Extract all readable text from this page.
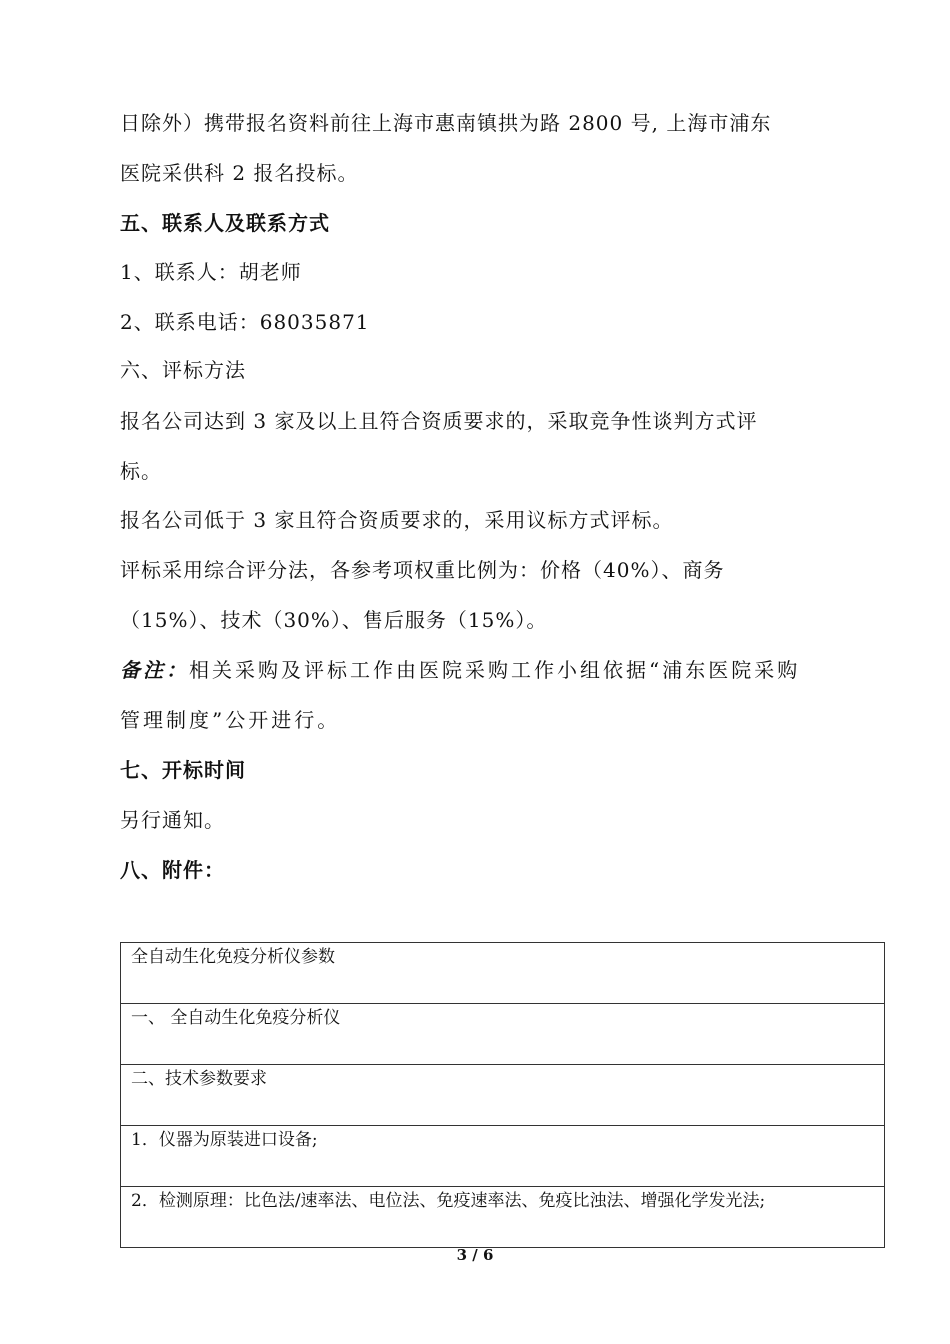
日除外）携带报名资料前往上海市惠南镇拱为路 2800 号, 上海市浦东
医院采供科 2 报名投标。
五、联系人及联系方式
1、联系人：胡老师
2、联系电话：68035871
六、评标方法
报名公司达到 3 家及以上且符合资质要求的，采取竞争性谈判方式评
标。
报名公司低于 3 家且符合资质要求的，采用议标方式评标。
评标采用综合评分法，各参考项权重比例为：价格（40%）、商务
（15%）、技术（30%）、售后服务（15%）。
备注：相关采购及评标工作由医院采购工作小组依据“浦东医院采购
管理制度”公开进行。
七、开标时间
另行通知。
八、附件：
全自动生化免疫分析仪参数
一、 全自动生化免疫分析仪
二、技术参数要求
1．仪器为原装进口设备;
2．检测原理：比色法/速率法、电位法、免疫速率法、免疫比浊法、增强化学发光法;
3 / 6
